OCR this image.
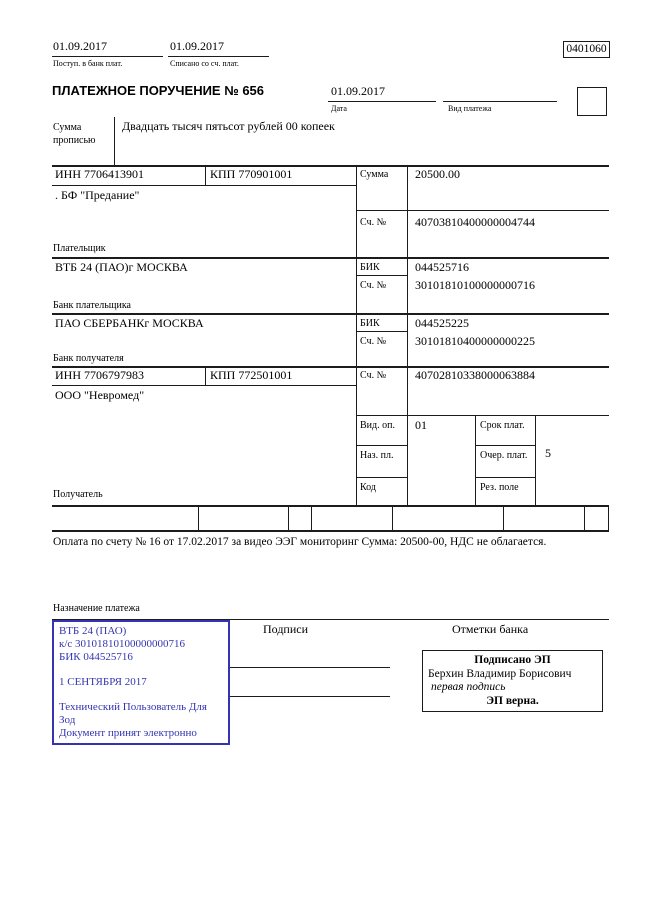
01.09.2017
Поступ. в банк плат.
01.09.2017
Списано со сч. плат.
0401060
ПЛАТЕЖНОЕ ПОРУЧЕНИЕ № 656	01.09.2017
Дата	Вид платежа
Сумма
прописью
Двадцать тысяч пятьсот рублей 00 копеек
ИНН 7706413901	КПП 770901001	Сумма 20500.00
. БФ "Предание"
Сч. № 40703810400000004744
Плательщик
ВТБ 24 (ПАО)г МОСКВА	БИК	044525716
Сч. № 30101810100000000716
Банк плательщика
ПАО СБЕРБАНКг МОСКВА	БИК	044525225
Сч. № 30101810400000000225
Банк получателя
ИНН 7706797983	КПП 772501001	Сч. № 40702810338000063884
ООО "Невромед"
Получатель
Вид. оп. 01	Срок плат.
Наз. пл.	Очер. плат. 5
Код	Рез. поле
Оплата по счету № 16 от 17.02.2017 за видео ЭЭГ мониторинг Сумма: 20500-00, НДС не облагается.
Назначение платежа
Подписи	Отметки банка
ВТБ 24 (ПАО)
к/с 30101810100000000716
БИК 044525716
1 СЕНТЯБРЯ 2017
Технический Пользователь Для
Зод
Документ принят электронно
Подписано ЭП
Берхин Владимир Борисович
первая подпись
ЭП верна.
